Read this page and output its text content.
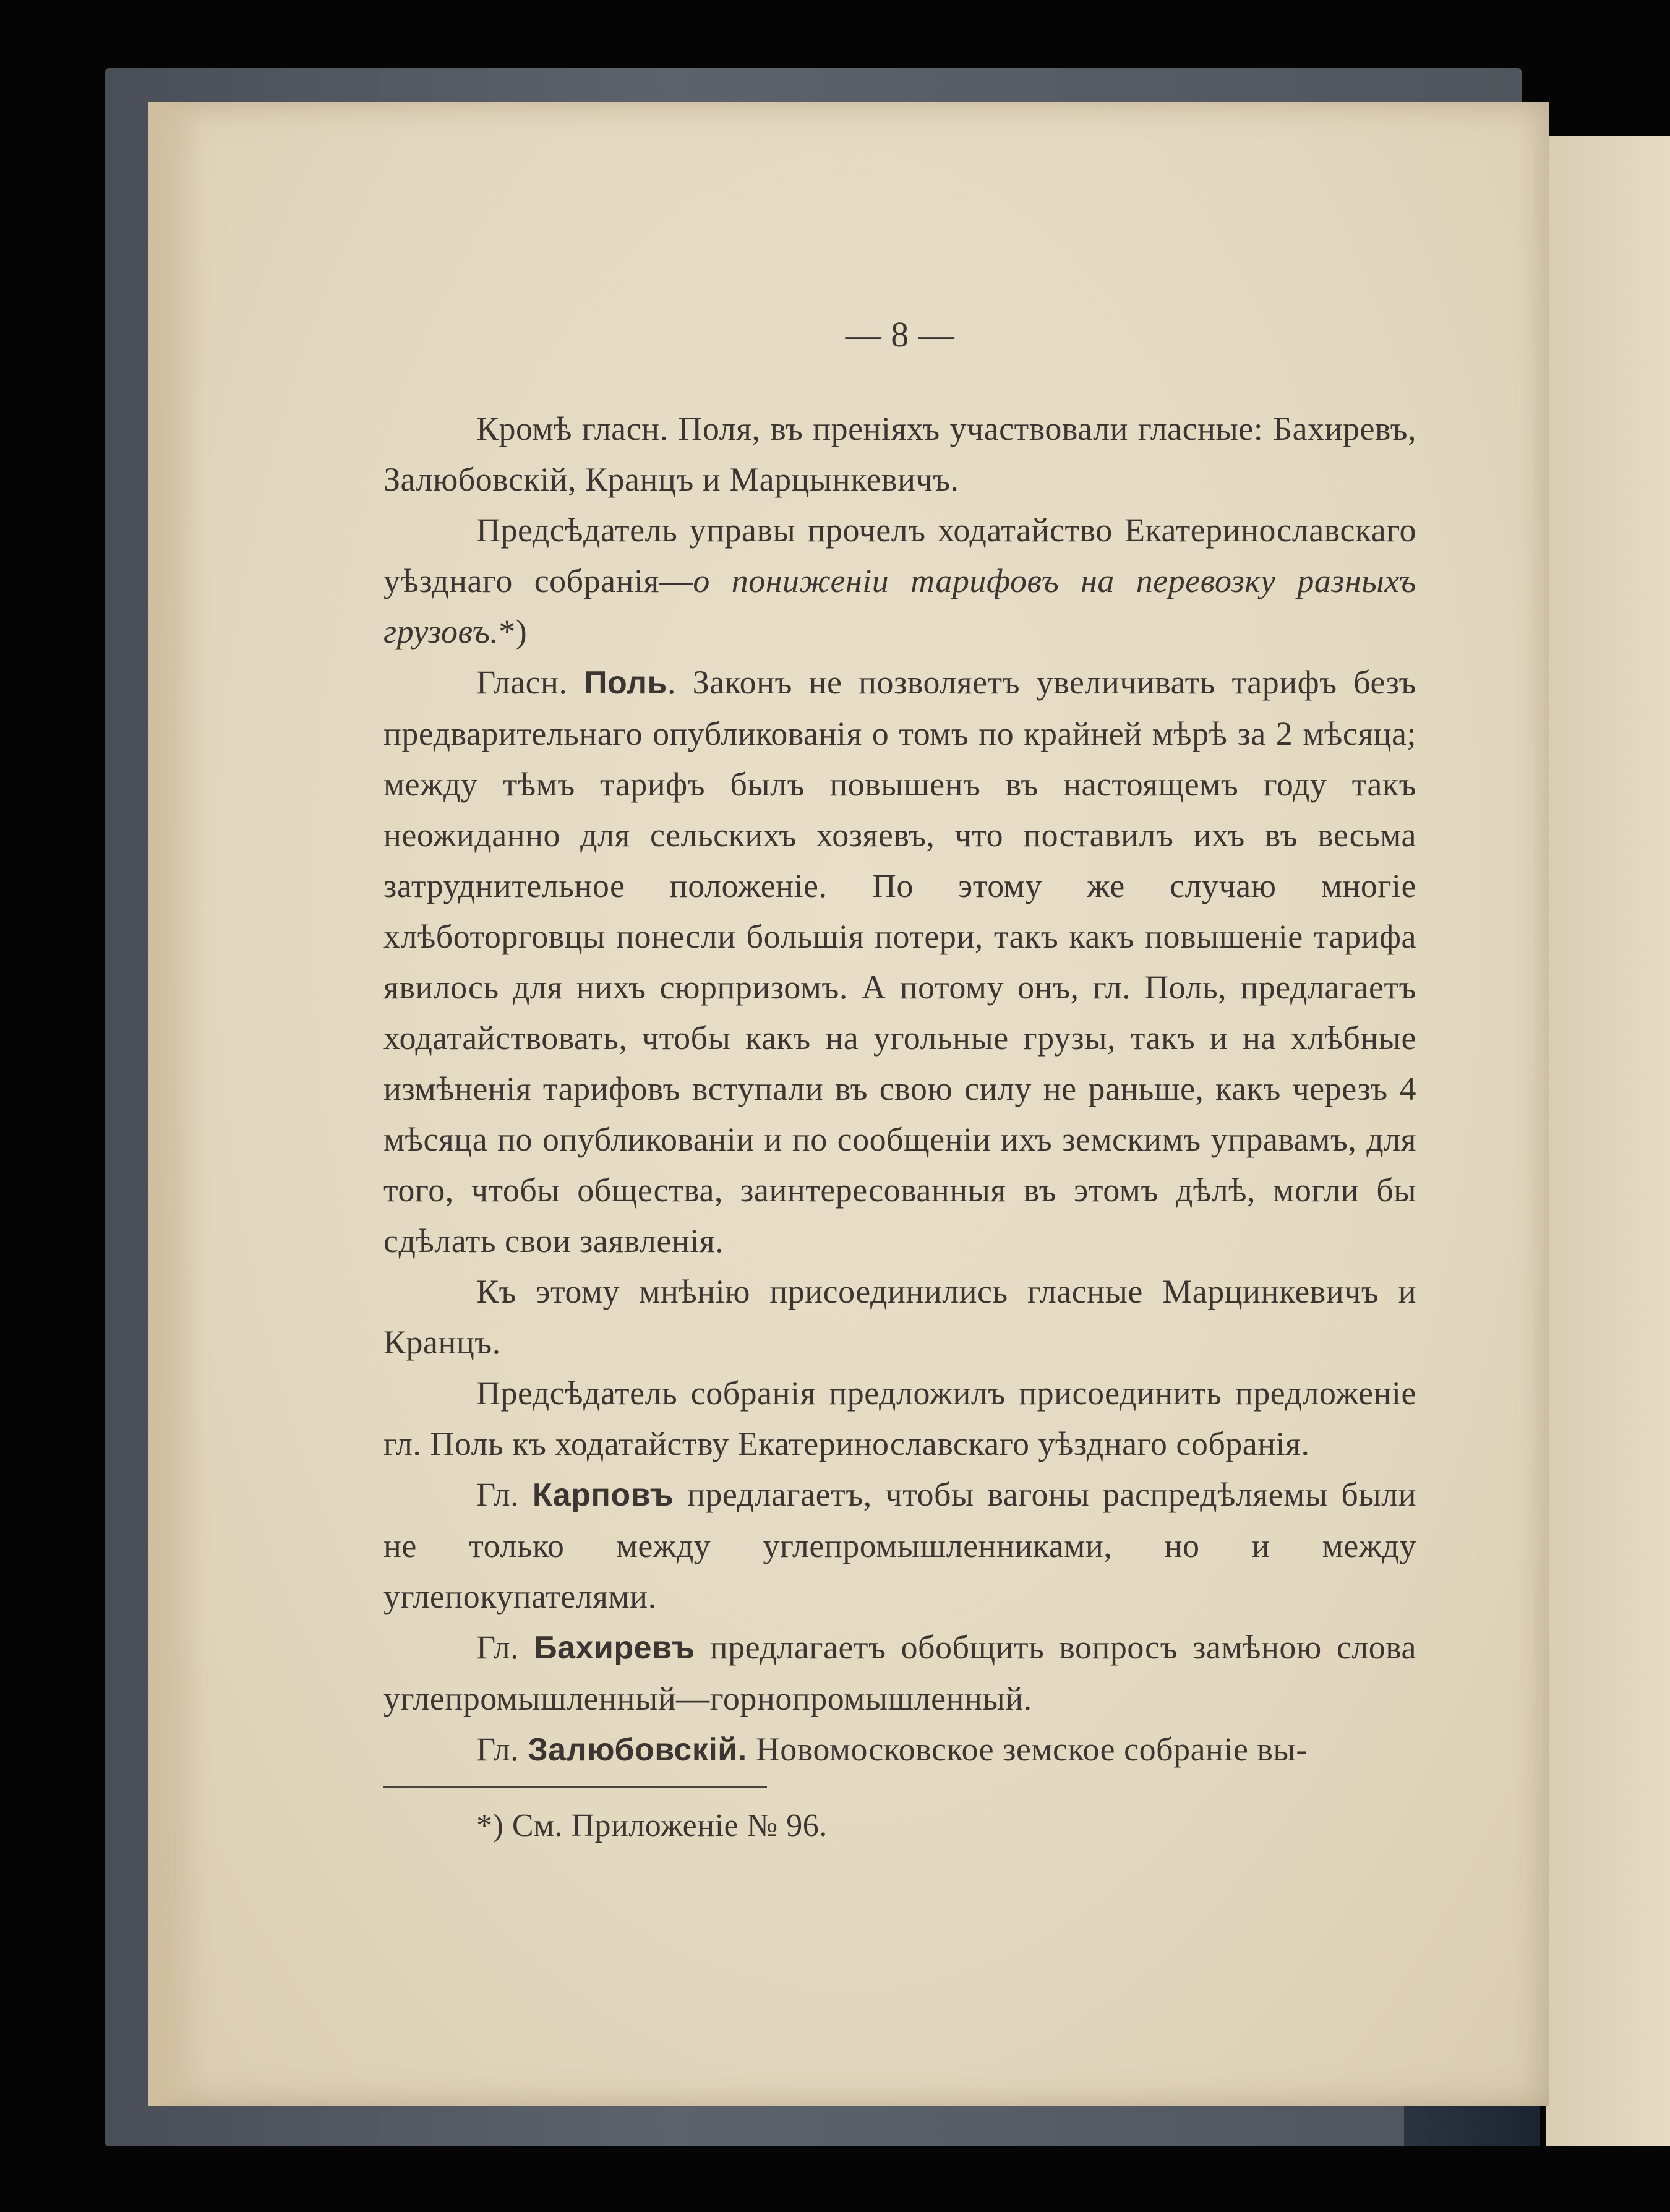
— 8 —

Кромѣ гласн. Поля, въ преніяхъ участвовали гласные: Бахиревъ, Залюбовскій, Кранцъ и Марцынкевичъ.

Предсѣдатель управы прочелъ ходатайство Екатеринославскаго уѣзднаго собранія—о пониженіи тарифовъ на перевозку разныхъ грузовъ.*)

Гласн. Поль. Законъ не позволяетъ увеличивать тарифъ безъ предварительнаго опубликованія о томъ по крайней мѣрѣ за 2 мѣсяца; между тѣмъ тарифъ былъ повышенъ въ настоящемъ году такъ неожиданно для сельскихъ хозяевъ, что поставилъ ихъ въ весьма затруднительное положеніе. По этому же случаю многіе хлѣботорговцы понесли большія потери, такъ какъ повышеніе тарифа явилось для нихъ сюрпризомъ. А потому онъ, гл. Поль, предлагаетъ ходатайствовать, чтобы какъ на угольные грузы, такъ и на хлѣбные измѣненія тарифовъ вступали въ свою силу не раньше, какъ черезъ 4 мѣсяца по опубликованіи и по сообщеніи ихъ земскимъ управамъ, для того, чтобы общества, заинтересованныя въ этомъ дѣлѣ, могли бы сдѣлать свои заявленія.

Къ этому мнѣнію присоединились гласные Марцинкевичъ и Кранцъ.

Предсѣдатель собранія предложилъ присоединить предложеніе гл. Поль къ ходатайству Екатеринославскаго уѣзднаго собранія.

Гл. Карповъ предлагаетъ, чтобы вагоны распредѣляемы были не только между углепромышленниками, но и между углепокупателями.

Гл. Бахиревъ предлагаетъ обобщить вопросъ замѣною слова углепромышленный—горнопромышленный.

Гл. Залюбовскій. Новомосковское земское собраніе вы-

*) См. Приложеніе № 96.
